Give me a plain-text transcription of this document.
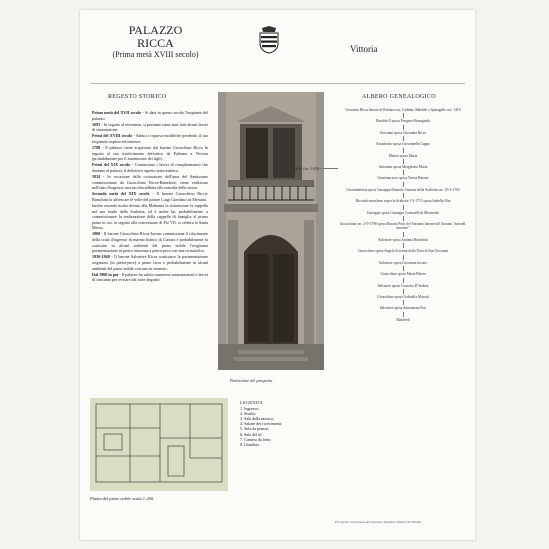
PALAZZO
RICCA
(Prima metà XVIII secolo)
Vittoria
REGESTO STORICO

Prima metà del XVII secolo - Si data in questo secolo l'impianto del palazzo.

1693 - In seguito al terremoto, si presume siano stati fatti alcuni lavori di sistemazione.

Primi del XVIII secolo - Sabucci copiava modifiche perdendo il suo originario aspetto seicentesco.

1798 - Il palazzo viene acquistato dal barone Gioacchino Ricca In seguito al suo trasferimento definitivo da Palermo a Vittoria (probabilmente per il matrimonio dei figli).

Primi del XIX secolo - Cominciano i lavori di completamento che daranno al palazzo il definitivo aspetto settecentesco.

1834 - In occasione della costruzione dell'urna del Santissimo commissionata da Gioacchino Ricca-Bianchini, viene realizzato nell'atrio d'ingresso una nicchia adibita alla custodia della stessa.

Seconda metà del XIX secolo - Il barone Gioacchino Ricca-Bianchini fa affrescare le volte del pittore Luigi Giordano da Messina.

Inoltre essendo molto devoto alla Madonna fa ristrutturare la cappella nel suo feudo della Scalietta, ed è anche lui, probabilmente, a commissionare la realizzazione della cappella di famiglia al primo piano in cui, in seguito alla concessione di Pio VII, si celebra la Santa Messa.

1900 - Il barone Gioacchino Ricca-Iacono commissiona il rifacimento della scala d'ingresso in marmo bianco di Carrara e probabilmente fa sostituire in alcuni ambienti del piano nobile l'originaria pavimentazione in pietra intarsiata a pietra-pece con una in maiolica.

1930-1940 - Il barone Salvatore Ricca sostituisce la pavimentazione originaria (in pietra-pece) a piano terra e probabilmente in alcuni ambienti del piano nobile con una in cemento.

Dal 1960 in poi - Il palazzo ha subito numerose manomissioni e lavori di riassunto per ovviare dal forte degrado.

Particolare del prospetto.
ALBERO GENEALOGICO
Giovanni Ricca barone di Riesbroccio, Cadduti, Balabeli e Spinagallo sec. 1410
Rinaldo II sposa Prospero Bonagiuda
Giovanni sposa Giovanna Ricco
Santoleano sposa Giovannella Cappa
Matteo sposa Maria
Antonino sposa Margherita Maria
Gianfrancesco sposa Teresa Barone
Giovanbattista sposa Giuseppa Rinaudo I barone della Scalietta sec. 23-3-1705
Riccardo marchese sopra la Scalietta 1-5-1715 sposa Isabella Alia
Giuseppe sposa Giuseppa Consarelli di Montorale
Gioacchino sec. 4-9-1798 sposa Rosaria Porti del Sorranto barone del Sorrano "morsell. montiee"
Salvatore sposa Antonia Bianchini
Gioacchino sposa Angela Scrofani della Terra di San Giovanni
Salvatore sposa Giovanna Iacono
Gioacchino sposa Maria Blezio
Salvatore sposa Concetta D'Andrea
Gioacchino sposa Gabriella Marotti
Salvatore sposa Annunziata Foti
Manfredi
Pugliàr (sec. 1600)
Pianta del piano nobile scala 1:200.
LEGENDA
1. Ingresso;
2. Studio;
3. Sala della musica;
4. Salone dei ricevimenti;
5. Sala da pranzo;
6. Sala del tè;
7. Camera da letto;
8. Giardino.
Per gentile concessione del marchese Salvatore Palmeri di Villalba.
